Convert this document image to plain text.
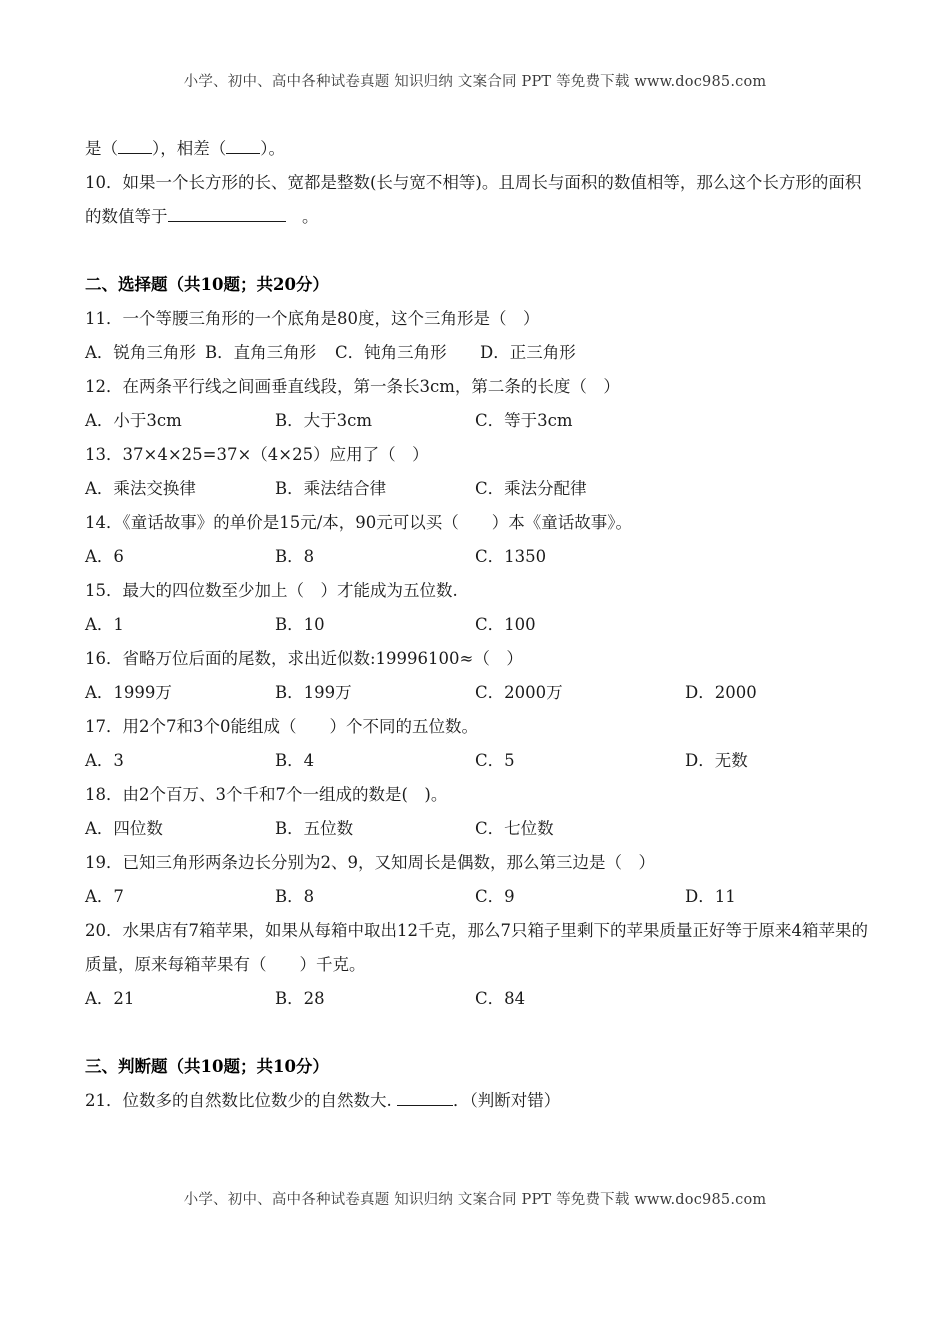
小学、初中、高中各种试卷真题 知识归纳 文案合同 PPT 等免费下载 www.doc985.com
是（ ），相差（ ）。
10．如果一个长方形的长、宽都是整数(长与宽不相等)。且周长与面积的数值相等，那么这个长方形的面积的数值等于	　。
二、选择题（共10题；共20分）
11．一个等腰三角形的一个底角是80度，这个三角形是（　）
A．锐角三角形 B．直角三角形 C．钝角三角形 D．正三角形
12．在两条平行线之间画垂直线段，第一条长3cm，第二条的长度（　）
A．小于3cm	B．大于3cm	C．等于3cm
13．37×4×25=37×（4×25）应用了（　）
A．乘法交换律	B．乘法结合律	C．乘法分配律
14．《童话故事》的单价是15元/本，90元可以买（　　）本《童话故事》。
A．6	B．8	C．1350
15．最大的四位数至少加上（　）才能成为五位数.
A．1	B．10	C．100
16．省略万位后面的尾数，求出近似数:19996100≈（　）
A．1999万	B．199万	C．2000万	D．2000
17．用2个7和3个0能组成（　　）个不同的五位数。
A．3	B．4	C．5	D．无数
18．由2个百万、3个千和7个一组成的数是(　)。
A．四位数	B．五位数	C．七位数
19．已知三角形两条边长分别为2、9，又知周长是偶数，那么第三边是（　）
A．7	B．8	C．9	D．11
20．水果店有7箱苹果，如果从每箱中取出12千克，那么7只箱子里剩下的苹果质量正好等于原来4箱苹果的质量，原来每箱苹果有（　　）千克。
A．21	B．28	C．84
三、判断题（共10题；共10分）
21．位数多的自然数比位数少的自然数大.	．（判断对错）
小学、初中、高中各种试卷真题 知识归纳 文案合同 PPT 等免费下载 www.doc985.com
